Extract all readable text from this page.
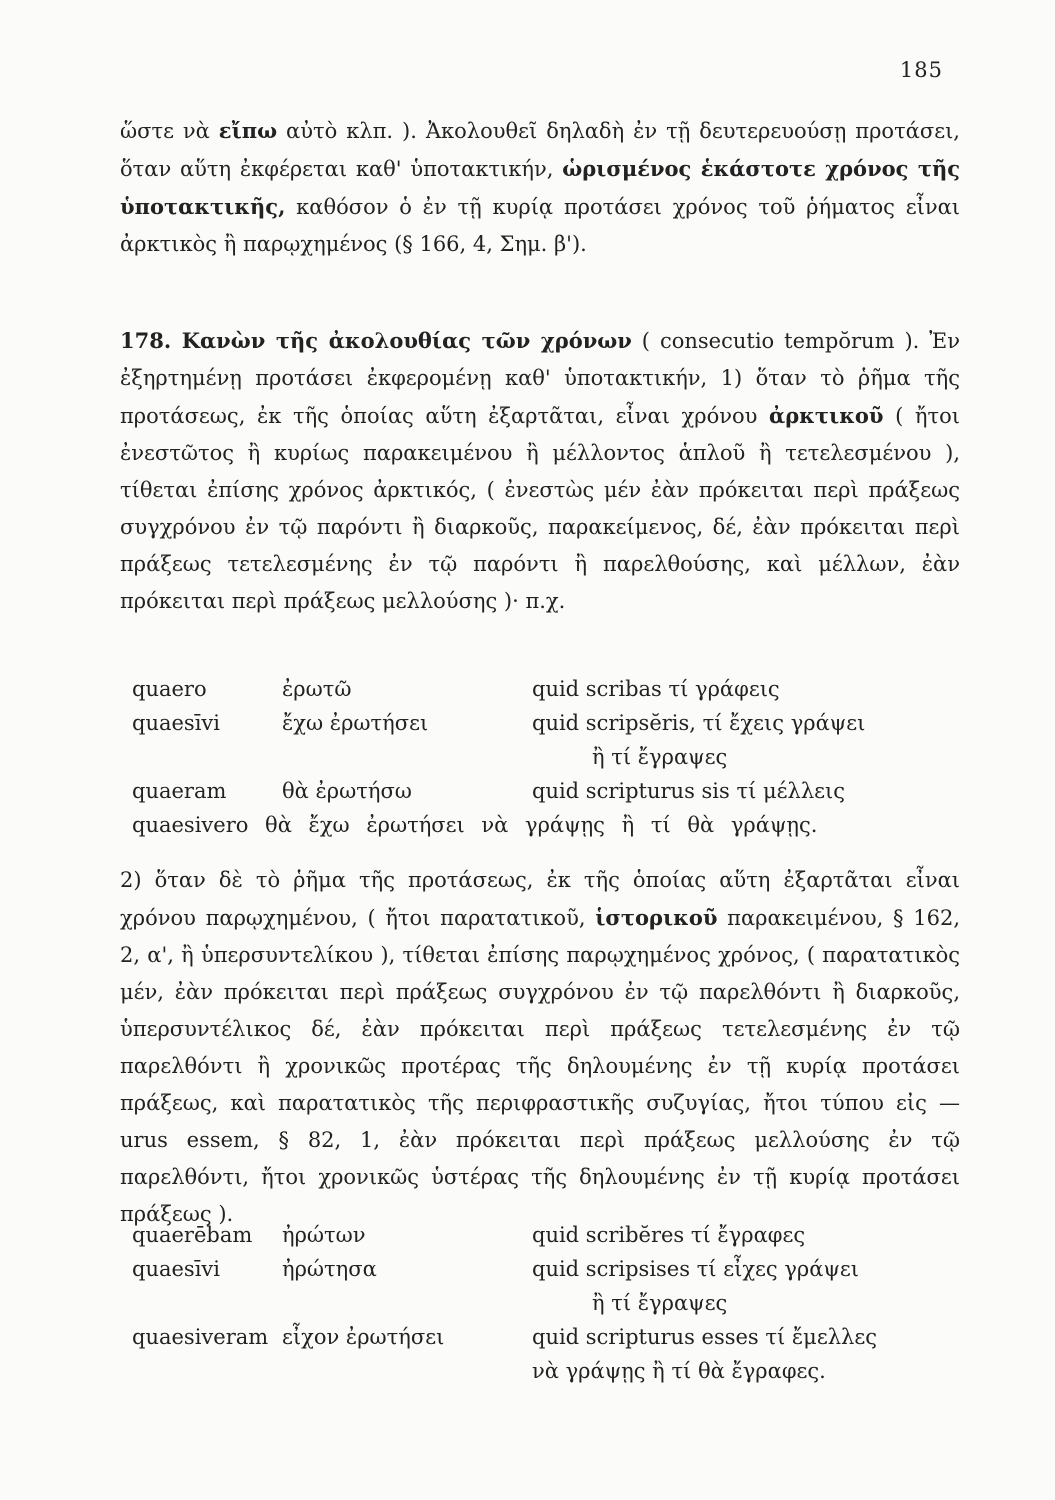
185

ὥστε νὰ εἴπω αὐτὸ κλπ. ). Ἀκολουθεῖ δηλαδὴ ἐν τῇ δευτερευούσῃ προτάσει, ὅταν αὕτη ἐκφέρεται καθ' ὑποτακτικήν, ὡρισμένος ἑκάστοτε χρόνος τῆς ὑποτακτικῆς, καθόσον ὁ ἐν τῇ κυρίᾳ προτάσει χρόνος τοῦ ῥήματος εἶναι ἀρκτικὸς ἢ παρῳχημένος (§ 166, 4, Σημ. β').

178. Κανὼν τῆς ἀκολουθίας τῶν χρόνων ( consecutio tempŏrum ). Ἐν ἐξηρτημένῃ προτάσει ἐκφερομένῃ καθ' ὑποτακτικήν, 1) ὅταν τὸ ῥῆμα τῆς προτάσεως, ἐκ τῆς ὁποίας αὕτη ἐξαρτᾶται, εἶναι χρόνου ἀρκτικοῦ ( ἤτοι ἐνεστῶτος ἢ κυρίως παρακειμένου ἢ μέλλοντος ἁπλοῦ ἢ τετελεσμένου ), τίθεται ἐπίσης χρόνος ἀρκτικός, ( ἐνεστὼς μέν ἐὰν πρόκειται περὶ πράξεως συγχρόνου ἐν τῷ παρόντι ἢ διαρκοῦς, παρακείμενος, δέ, ἐὰν πρόκειται περὶ πράξεως τετελεσμένης ἐν τῷ παρόντι ἢ παρελθούσης, καὶ μέλλων, ἐὰν πρόκειται περὶ πράξεως μελλούσης )· π.χ.

quaero	ἐρωτῶ	quid scribas τί γράφεις
quaesīvi	ἔχω ἐρωτήσει	quid scripsĕris, τί ἔχεις γράψει
ἢ τί ἔγραψες
quaeram	θὰ ἐρωτήσω	quid scripturus sis τί μέλλεις
quaesivero θὰ ἔχω ἐρωτήσει νὰ γράψῃς ἢ τί θὰ γράψῃς.

2) ὅταν δὲ τὸ ῥῆμα τῆς προτάσεως, ἐκ τῆς ὁποίας αὕτη ἐξαρτᾶται εἶναι χρόνου παρῳχημένου, ( ἤτοι παρατατικοῦ, ἱστορικοῦ παρακειμένου, § 162, 2, α', ἢ ὑπερσυντελίκου ), τίθεται ἐπίσης παρῳχημένος χρόνος, ( παρατατικὸς μέν, ἐὰν πρόκειται περὶ πράξεως συγχρόνου ἐν τῷ παρελθόντι ἢ διαρκοῦς, ὑπερσυντέλικος δέ, ἐὰν πρόκειται περὶ πράξεως τετελεσμένης ἐν τῷ παρελθόντι ἢ χρονικῶς προτέρας τῆς δηλουμένης ἐν τῇ κυρίᾳ προτάσει πράξεως, καὶ παρατατικὸς τῆς περιφραστικῆς συζυγίας, ἤτοι τύπου εἰς — urus essem, § 82, 1, ἐὰν πρόκειται περὶ πράξεως μελλούσης ἐν τῷ παρελθόντι, ἤτοι χρονικῶς ὑστέρας τῆς δηλουμένης ἐν τῇ κυρίᾳ προτάσει πράξεως ).

quaerēbam ἠρώτων	quid scribĕres τί ἔγραφες
quaesīvi	ἠρώτησα	quid scripsises τί εἶχες γράψει
ἢ τί ἔγραψες
quaesiveram εἶχον ἐρωτήσει	quid scripturus esses τί ἔμελλες
νὰ γράψῃς ἢ τί θὰ ἔγραφες.
